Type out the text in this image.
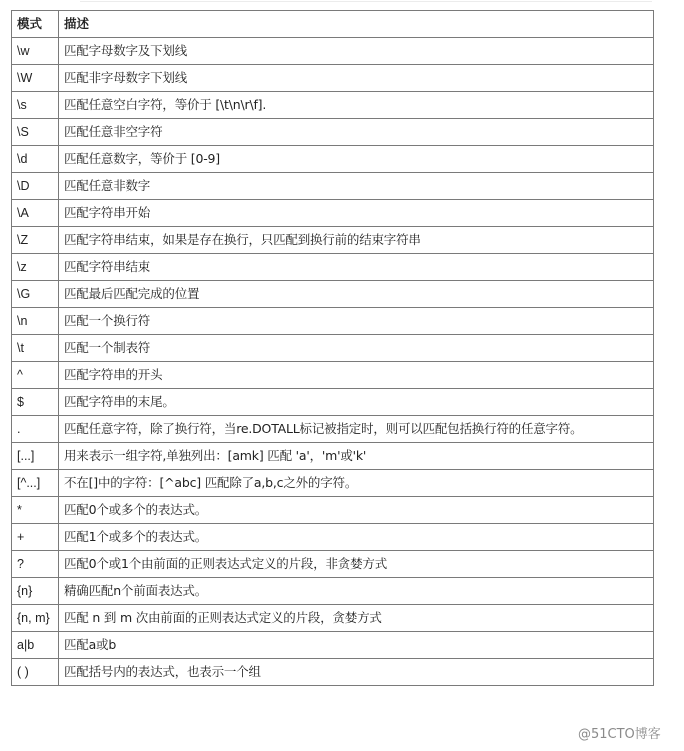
模式	描述
\w	匹配字母数字及下划线
\W	匹配非字母数字下划线
\s	匹配任意空白字符，等价于 [\t\n\r\f].
\S	匹配任意非空字符
\d	匹配任意数字，等价于 [0-9]
\D	匹配任意非数字
\A	匹配字符串开始
\Z	匹配字符串结束，如果是存在换行，只匹配到换行前的结束字符串
\z	匹配字符串结束
\G	匹配最后匹配完成的位置
\n	匹配一个换行符
\t	匹配一个制表符
^	匹配字符串的开头
$	匹配字符串的末尾。
.	匹配任意字符，除了换行符，当re.DOTALL标记被指定时，则可以匹配包括换行符的任意字符。
[...]	用来表示一组字符,单独列出：[amk] 匹配 'a'，'m'或'k'
[^...]	不在[]中的字符：[^abc] 匹配除了a,b,c之外的字符。
*	匹配0个或多个的表达式。
+	匹配1个或多个的表达式。
?	匹配0个或1个由前面的正则表达式定义的片段，非贪婪方式
{n}	精确匹配n个前面表达式。
{n, m}	匹配 n 到 m 次由前面的正则表达式定义的片段，贪婪方式
a|b	匹配a或b
( )	匹配括号内的表达式，也表示一个组
@51CTO博客
